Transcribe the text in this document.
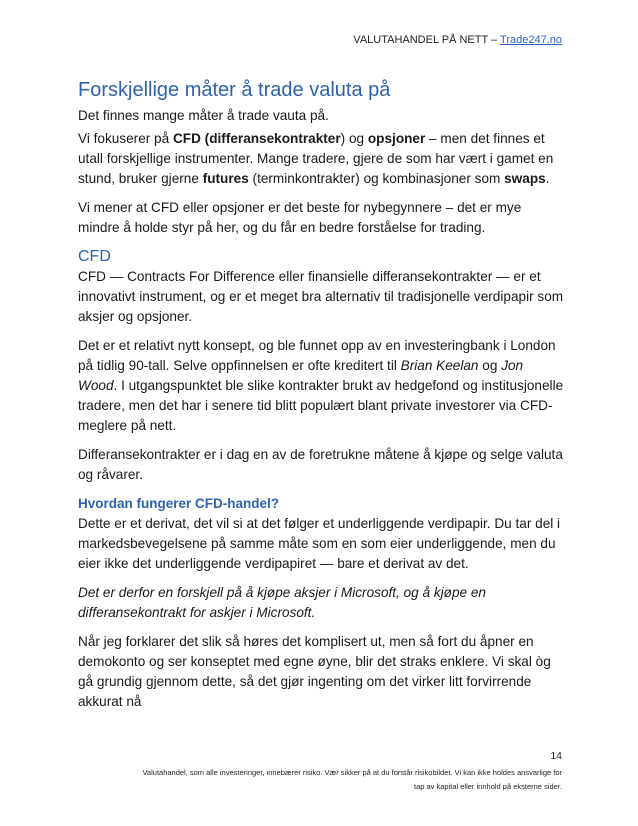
VALUTAHANDEL PÅ NETT – Trade247.no
Forskjellige måter å trade valuta på

Det finnes mange måter å trade vauta på.

Vi fokuserer på CFD (differansekontrakter) og opsjoner – men det finnes et utall forskjellige instrumenter. Mange tradere, gjere de som har vært i gamet en stund, bruker gjerne futures (terminkontrakter) og kombinasjoner som swaps.

Vi mener at CFD eller opsjoner er det beste for nybegynnere – det er mye mindre å holde styr på her, og du får en bedre forståelse for trading.

CFD

CFD — Contracts For Difference eller finansielle differansekontrakter — er et innovativt instrument, og er et meget bra alternativ til tradisjonelle verdipapir som aksjer og opsjoner.

Det er et relativt nytt konsept, og ble funnet opp av en investeringbank i London på tidlig 90-tall. Selve oppfinnelsen er ofte kreditert til Brian Keelan og Jon Wood. I utgangspunktet ble slike kontrakter brukt av hedgefond og institusjonelle tradere, men det har i senere tid blitt populært blant private investorer via CFD-meglere på nett.

Differansekontrakter er i dag en av de foretrukne måtene å kjøpe og selge valuta og råvarer.

Hvordan fungerer CFD-handel?

Dette er et derivat, det vil si at det følger et underliggende verdipapir. Du tar del i markedsbevegelsene på samme måte som en som eier underliggende, men du eier ikke det underliggende verdipapiret — bare et derivat av det.

Det er derfor en forskjell på å kjøpe aksjer i Microsoft, og å kjøpe en differansekontrakt for askjer i Microsoft.

Når jeg forklarer det slik så høres det komplisert ut, men så fort du åpner en demokonto og ser konseptet med egne øyne, blir det straks enklere. Vi skal òg gå grundig gjennom dette, så det gjør ingenting om det virker litt forvirrende akkurat nå

14
Valutahandel, som alle investeringer, innebærer risiko. Vær sikker på at du forstår risikobildet. Vi kan ikke holdes ansvarlige for
tap av kapital eller innhold på eksterne sider.
